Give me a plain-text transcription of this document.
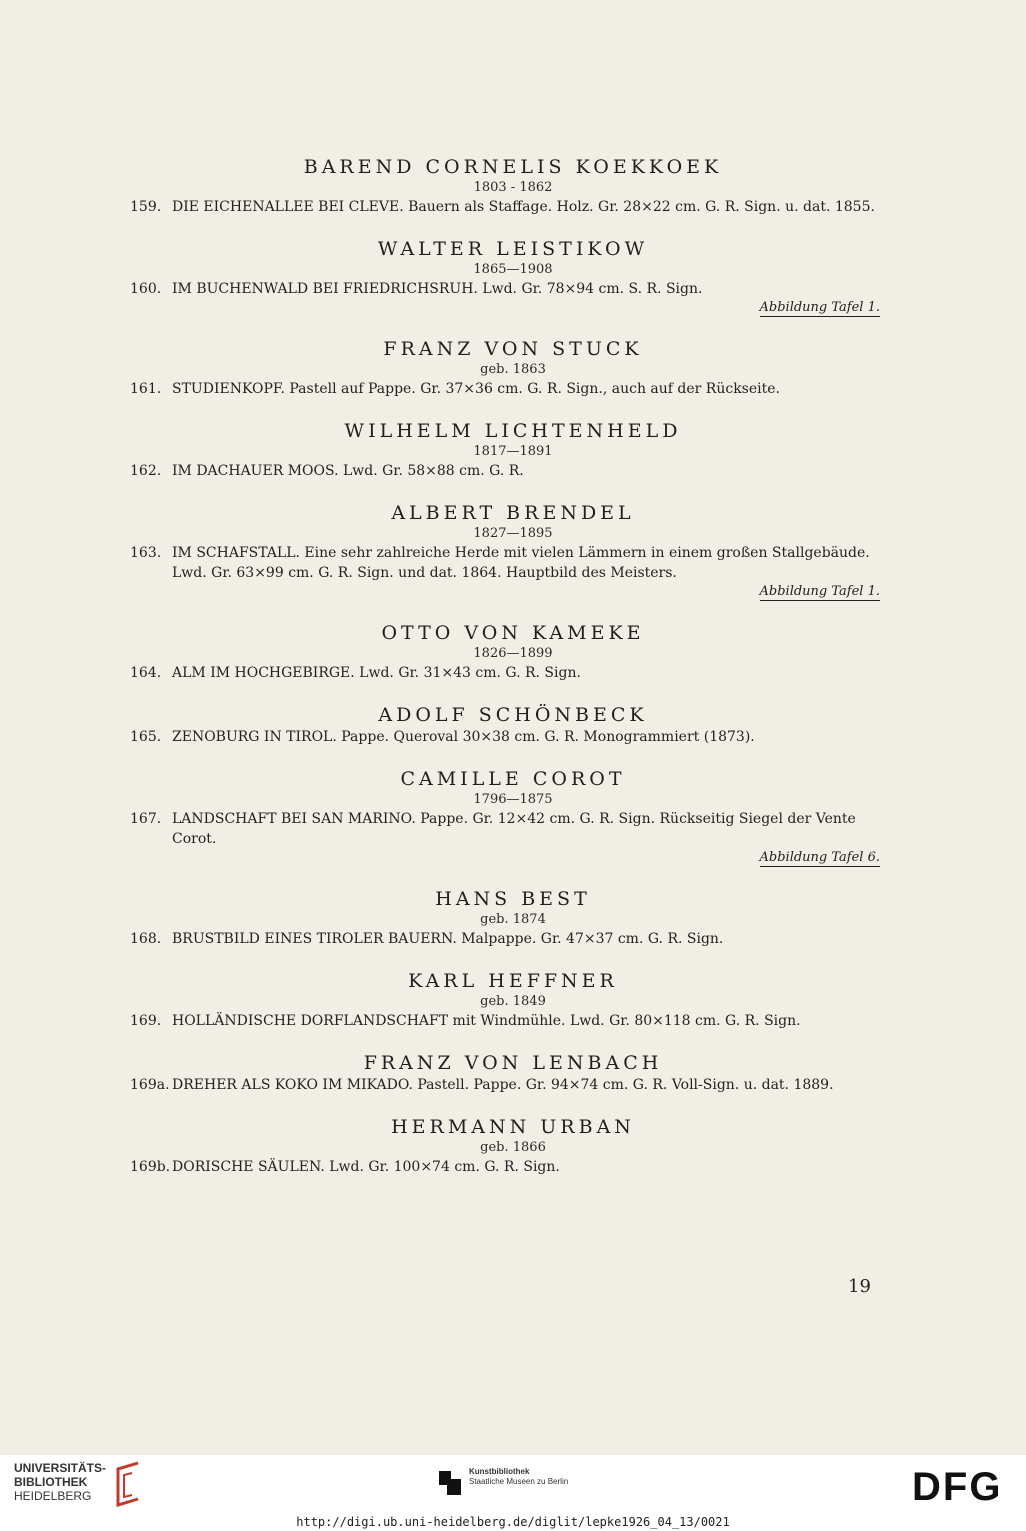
BAREND CORNELIS KOEKKOEK
1803 - 1862
159. DIE EICHENALLEE BEI CLEVE. Bauern als Staffage. Holz. Gr. 28×22 cm. G. R. Sign. u. dat. 1855.
WALTER LEISTIKOW
1865—1908
160. IM BUCHENWALD BEI FRIEDRICHSRUH. Lwd. Gr. 78×94 cm. S. R. Sign.
Abbildung Tafel 1.
FRANZ VON STUCK
geb. 1863
161. STUDIENKOPF. Pastell auf Pappe. Gr. 37×36 cm. G. R. Sign., auch auf der Rückseite.
WILHELM LICHTENHELD
1817—1891
162. IM DACHAUER MOOS. Lwd. Gr. 58×88 cm. G. R.
ALBERT BRENDEL
1827—1895
163. IM SCHAFSTALL. Eine sehr zahlreiche Herde mit vielen Lämmern in einem großen Stallgebäude. Lwd. Gr. 63×99 cm. G. R. Sign. und dat. 1864. Hauptbild des Meisters.
Abbildung Tafel 1.
OTTO VON KAMEKE
1826—1899
164. ALM IM HOCHGEBIRGE. Lwd. Gr. 31×43 cm. G. R. Sign.
ADOLF SCHÖNBECK
165. ZENOBURG IN TIROL. Pappe. Queroval 30×38 cm. G. R. Monogrammiert (1873).
CAMILLE COROT
1796—1875
167. LANDSCHAFT BEI SAN MARINO. Pappe. Gr. 12×42 cm. G. R. Sign. Rückseitig Siegel der Vente Corot.
Abbildung Tafel 6.
HANS BEST
geb. 1874
168. BRUSTBILD EINES TIROLER BAUERN. Malpappe. Gr. 47×37 cm. G. R. Sign.
KARL HEFFNER
geb. 1849
169. HOLLÄNDISCHE DORFLANDSCHAFT mit Windmühle. Lwd. Gr. 80×118 cm. G. R. Sign.
FRANZ VON LENBACH
169a. DREHER ALS KOKO IM MIKADO. Pastell. Pappe. Gr. 94×74 cm. G. R. Voll-Sign. u. dat. 1889.
HERMANN URBAN
geb. 1866
169b. DORISCHE SÄULEN. Lwd. Gr. 100×74 cm. G. R. Sign.
19
UNIVERSITÄTS-
BIBLIOTHEK
HEIDELBERG
Kunstbibliothek
Staatliche Museen zu Berlin	DFG
http://digi.ub.uni-heidelberg.de/diglit/lepke1926_04_13/0021
